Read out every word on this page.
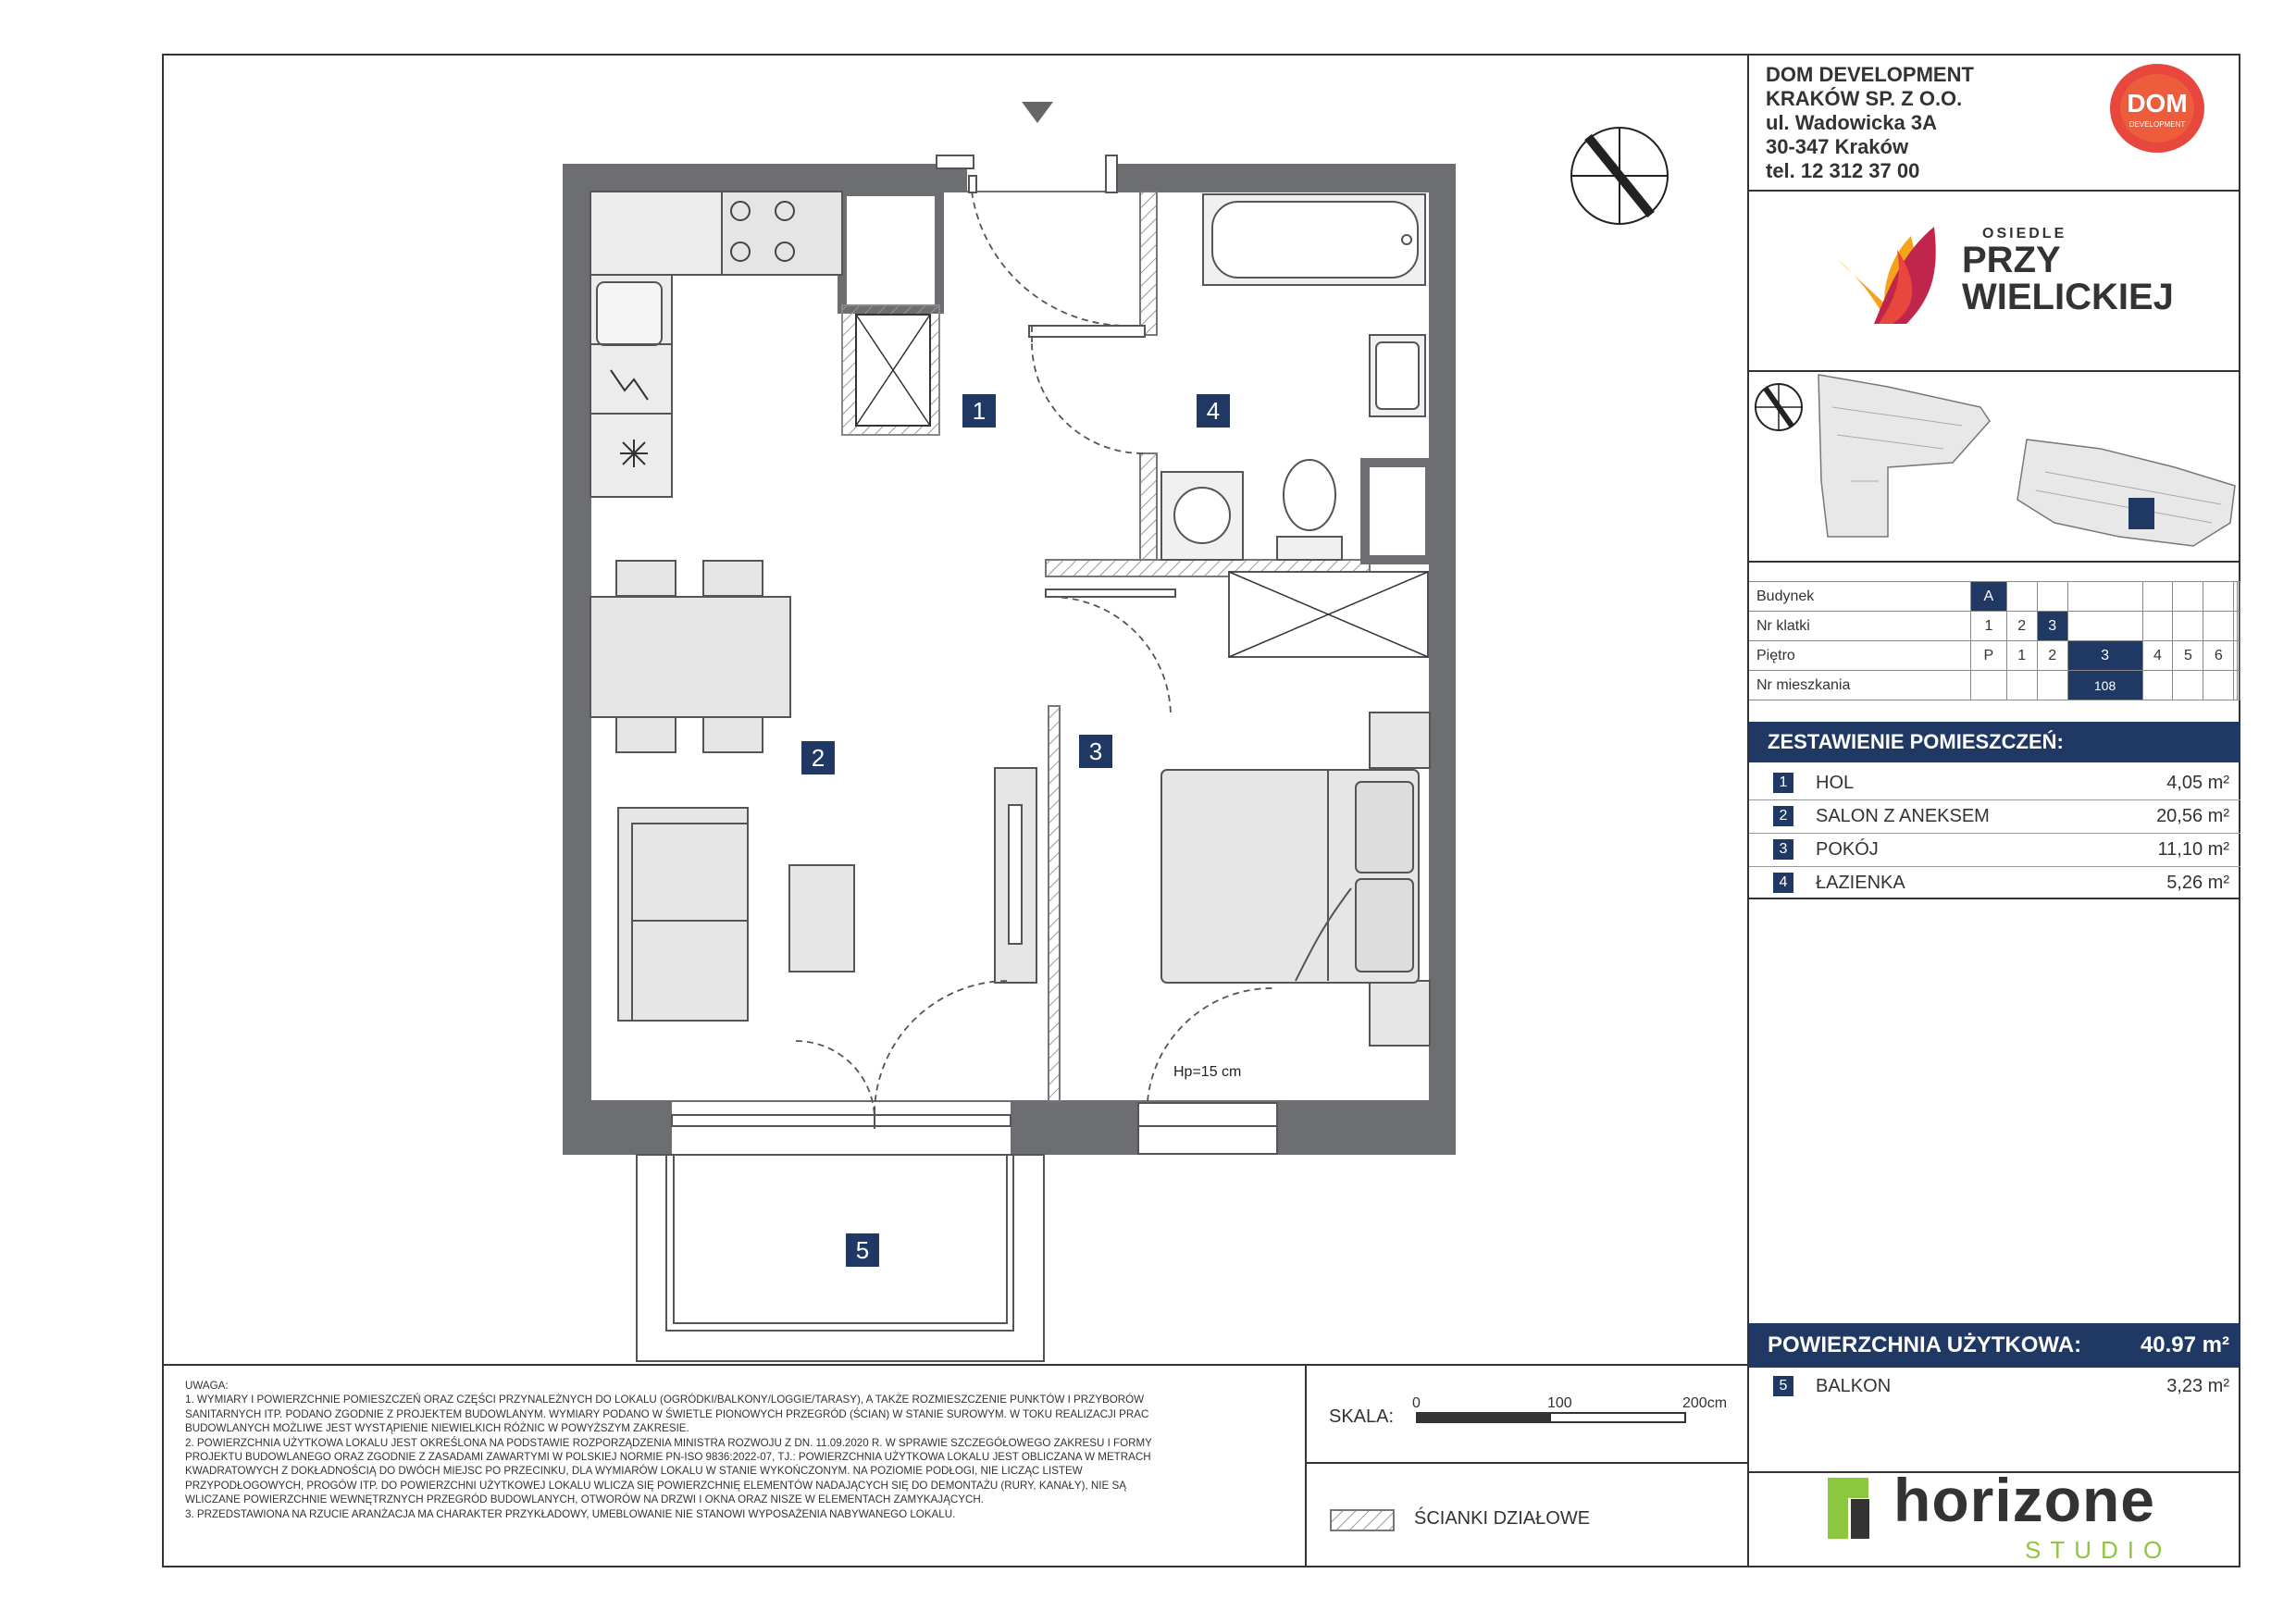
DOM DEVELOPMENT
KRAKÓW SP. Z O.O.
ul. Wadowicka 3A
30-347 Kraków
tel. 12 312 37 00
DOM
DEVELOPMENT
OSIEDLE
PRZY
WIELICKIEJ
Budynek	A								
Nr klatki	1	2	3						
Piętro	P	1	2	3	4	5	6		
Nr mieszkania				108					
ZESTAWIENIE POMIESZCZEŃ:
1	HOL	4,05 m²
2	SALON Z ANEKSEM	20,56 m²
3	POKÓJ	11,10 m²
4	ŁAZIENKA	5,26 m²
POWIERZCHNIA UŻYTKOWA:	40.97 m²
5	BALKON	3,23 m²
horizone
STUDIO
UWAGA:
1. WYMIARY I POWIERZCHNIE POMIESZCZEŃ ORAZ CZĘŚCI PRZYNALEŻNYCH DO LOKALU (OGRÓDKI/BALKONY/LOGGIE/TARASY), A TAKŻE ROZMIESZCZENIE PUNKTÓW I PRZYBORÓW
SANITARNYCH ITP. PODANO ZGODNIE Z PROJEKTEM BUDOWLANYM. WYMIARY PODANO W ŚWIETLE PIONOWYCH PRZEGRÓD (ŚCIAN) W STANIE SUROWYM. W TOKU REALIZACJI PRAC
BUDOWLANYCH MOŻLIWE JEST WYSTĄPIENIE NIEWIELKICH RÓŻNIC W POWYŻSZYM ZAKRESIE.
2. POWIERZCHNIA UŻYTKOWA LOKALU JEST OKREŚLONA NA PODSTAWIE ROZPORZĄDZENIA MINISTRA ROZWOJU Z DN. 11.09.2020 R. W SPRAWIE SZCZEGÓŁOWEGO ZAKRESU I FORMY
PROJEKTU BUDOWLANEGO ORAZ ZGODNIE Z ZASADAMI ZAWARTYMI W POLSKIEJ NORMIE PN-ISO 9836:2022-07, TJ.: POWIERZCHNIA UŻYTKOWA LOKALU JEST OBLICZANA W METRACH
KWADRATOWYCH Z DOKŁADNOŚCIĄ DO DWÓCH MIEJSC PO PRZECINKU, DLA WYMIARÓW LOKALU W STANIE WYKOŃCZONYM. NA POZIOMIE PODŁOGI, NIE LICZĄC LISTEW
PRZYPODŁOGOWYCH, PROGÓW ITP. DO POWIERZCHNI UŻYTKOWEJ LOKALU WLICZA SIĘ POWIERZCHNIĘ ELEMENTÓW NADAJĄCYCH SIĘ DO DEMONTAŻU (RURY, KANAŁY), NIE SĄ
WLICZANE POWIERZCHNIE WEWNĘTRZNYCH PRZEGRÓD BUDOWLANYCH, OTWORÓW NA DRZWI I OKNA ORAZ NISZE W ELEMENTACH ZAMYKAJĄCYCH.
3. PRZEDSTAWIONA NA RZUCIE ARANŻACJA MA CHARAKTER PRZYKŁADOWY, UMEBLOWANIE NIE STANOWI WYPOSAŻENIA NABYWANEGO LOKALU.
SKALA:
0	100	200cm
ŚCIANKI DZIAŁOWE
1
2	3
4
5
Hp=15 cm
